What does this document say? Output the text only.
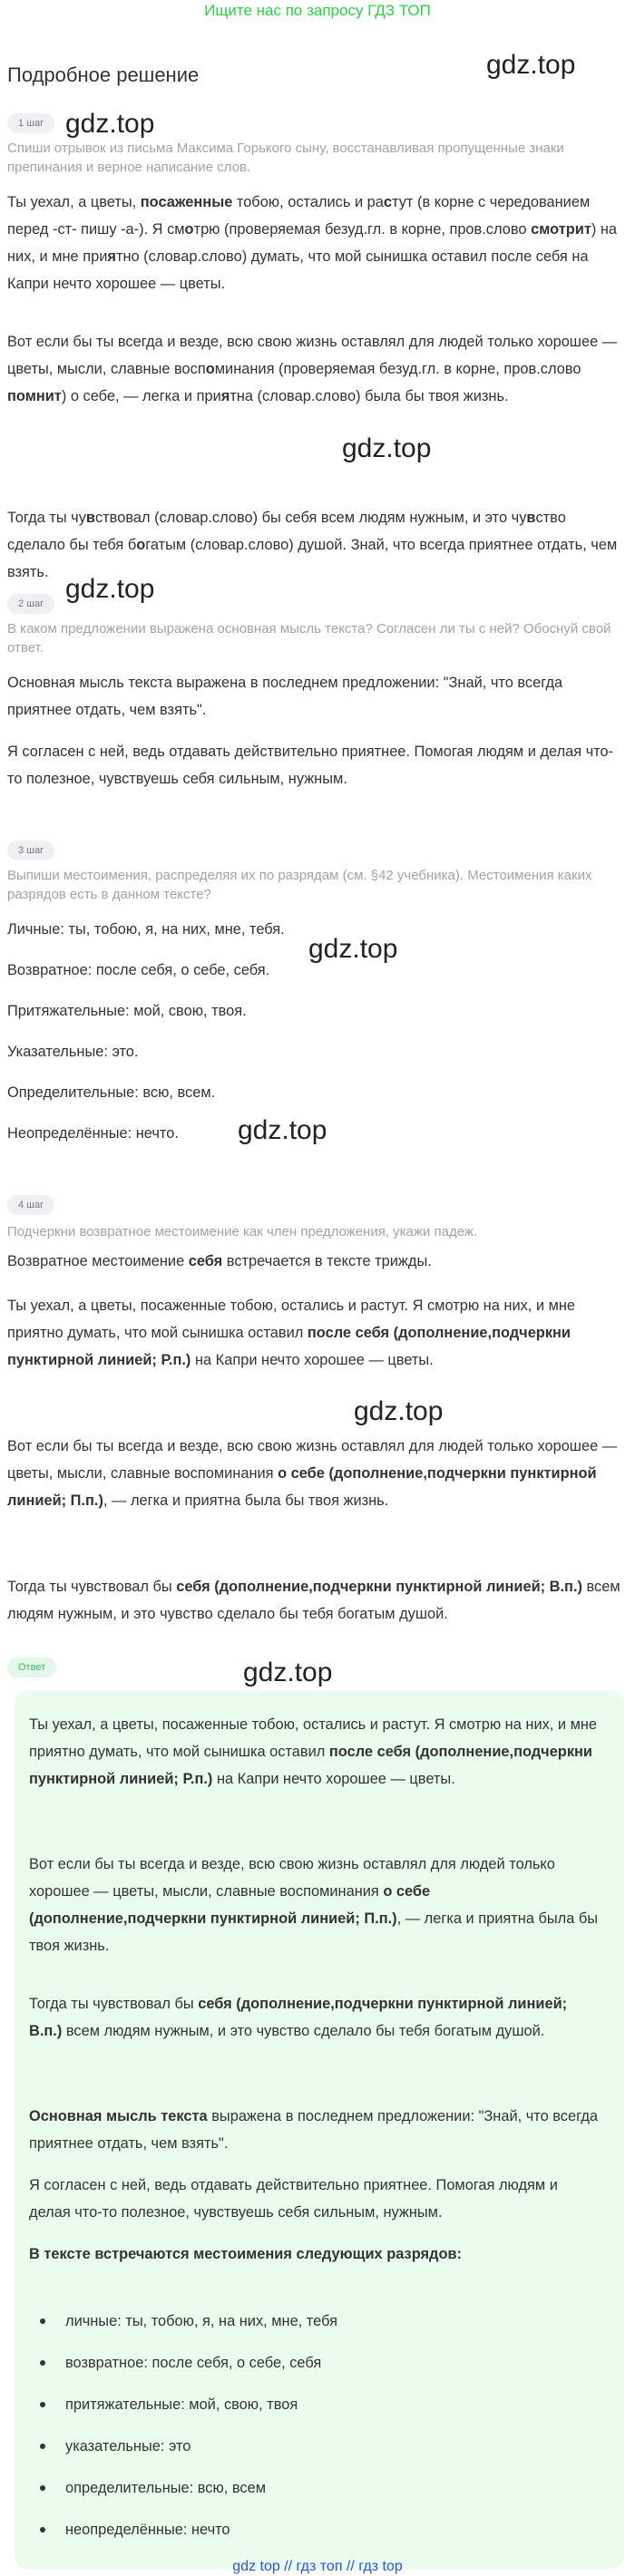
Ищите нас по запросу ГДЗ ТОП
Подробное решение	gdz.top
gdz.top
gdz.top
gdz.top
gdz.top
gdz.top
gdz.top
gdz.top
1 шаг

Спиши отрывок из письма Максима Горького сыну, восстанавливая пропущенные знаки препинания и верное написание слов.

Ты уехал, а цветы, посаженные тобою, остались и растут (в корне с чередованием перед -ст- пишу -а-). Я смотрю (проверяемая безуд.гл. в корне, пров.слово смотрит) на них, и мне приятно (словар.слово) думать, что мой сынишка оставил после себя на Капри нечто хорошее — цветы.

Вот если бы ты всегда и везде, всю свою жизнь оставлял для людей только хорошее — цветы, мысли, славные воспоминания (проверяемая безуд.гл. в корне, пров.слово помнит) о себе, — легка и приятна (словар.слово) была бы твоя жизнь.

Тогда ты чувствовал (словар.слово) бы себя всем людям нужным, и это чувство сделало бы тебя богатым (словар.слово) душой. Знай, что всегда приятнее отдать, чем взять.

2 шаг

В каком предложении выражена основная мысль текста? Согласен ли ты с ней? Обоснуй свой ответ.

Основная мысль текста выражена в последнем предложении: "Знай, что всегда приятнее отдать, чем взять".

Я согласен с ней, ведь отдавать действительно приятнее. Помогая людям и делая что-то полезное, чувствуешь себя сильным, нужным.

3 шаг

Выпиши местоимения, распределяя их по разрядам (см. §42 учебника). Местоимения каких разрядов есть в данном тексте?

Личные: ты, тобою, я, на них, мне, тебя.

Возвратное: после себя, о себе, себя.

Притяжательные: мой, свою, твоя.

Указательные: это.

Определительные: всю, всем.

Неопределённые: нечто.

4 шаг

Подчеркни возвратное местоимение как член предложения, укажи падеж.

Возвратное местоимение себя встречается в тексте трижды.

Ты уехал, а цветы, посаженные тобою, остались и растут. Я смотрю на них, и мне приятно думать, что мой сынишка оставил после себя (дополнение,подчеркни пунктирной линией; Р.п.) на Капри нечто хорошее — цветы.

Вот если бы ты всегда и везде, всю свою жизнь оставлял для людей только хорошее — цветы, мысли, славные воспоминания о себе (дополнение,подчеркни пунктирной линией; П.п.), — легка и приятна была бы твоя жизнь.

Тогда ты чувствовал бы себя (дополнение,подчеркни пунктирной линией; В.п.) всем людям нужным, и это чувство сделало бы тебя богатым душой.

Ответ

Ты уехал, а цветы, посаженные тобою, остались и растут. Я смотрю на них, и мне приятно думать, что мой сынишка оставил после себя (дополнение,подчеркни пунктирной линией; Р.п.) на Капри нечто хорошее — цветы.

Вот если бы ты всегда и везде, всю свою жизнь оставлял для людей только хорошее — цветы, мысли, славные воспоминания о себе (дополнение,подчеркни пунктирной линией; П.п.), — легка и приятна была бы твоя жизнь.

Тогда ты чувствовал бы себя (дополнение,подчеркни пунктирной линией; В.п.) всем людям нужным, и это чувство сделало бы тебя богатым душой.

Основная мысль текста выражена в последнем предложении: "Знай, что всегда приятнее отдать, чем взять".

Я согласен с ней, ведь отдавать действительно приятнее. Помогая людям и делая что-то полезное, чувствуешь себя сильным, нужным.

В тексте встречаются местоимения следующих разрядов:

личные: ты, тобою, я, на них, мне, тебя
возвратное: после себя, о себе, себя
притяжательные: мой, свою, твоя
указательные: это
определительные: всю, всем
неопределённые: нечто
gdz top // гдз топ // гдз top
